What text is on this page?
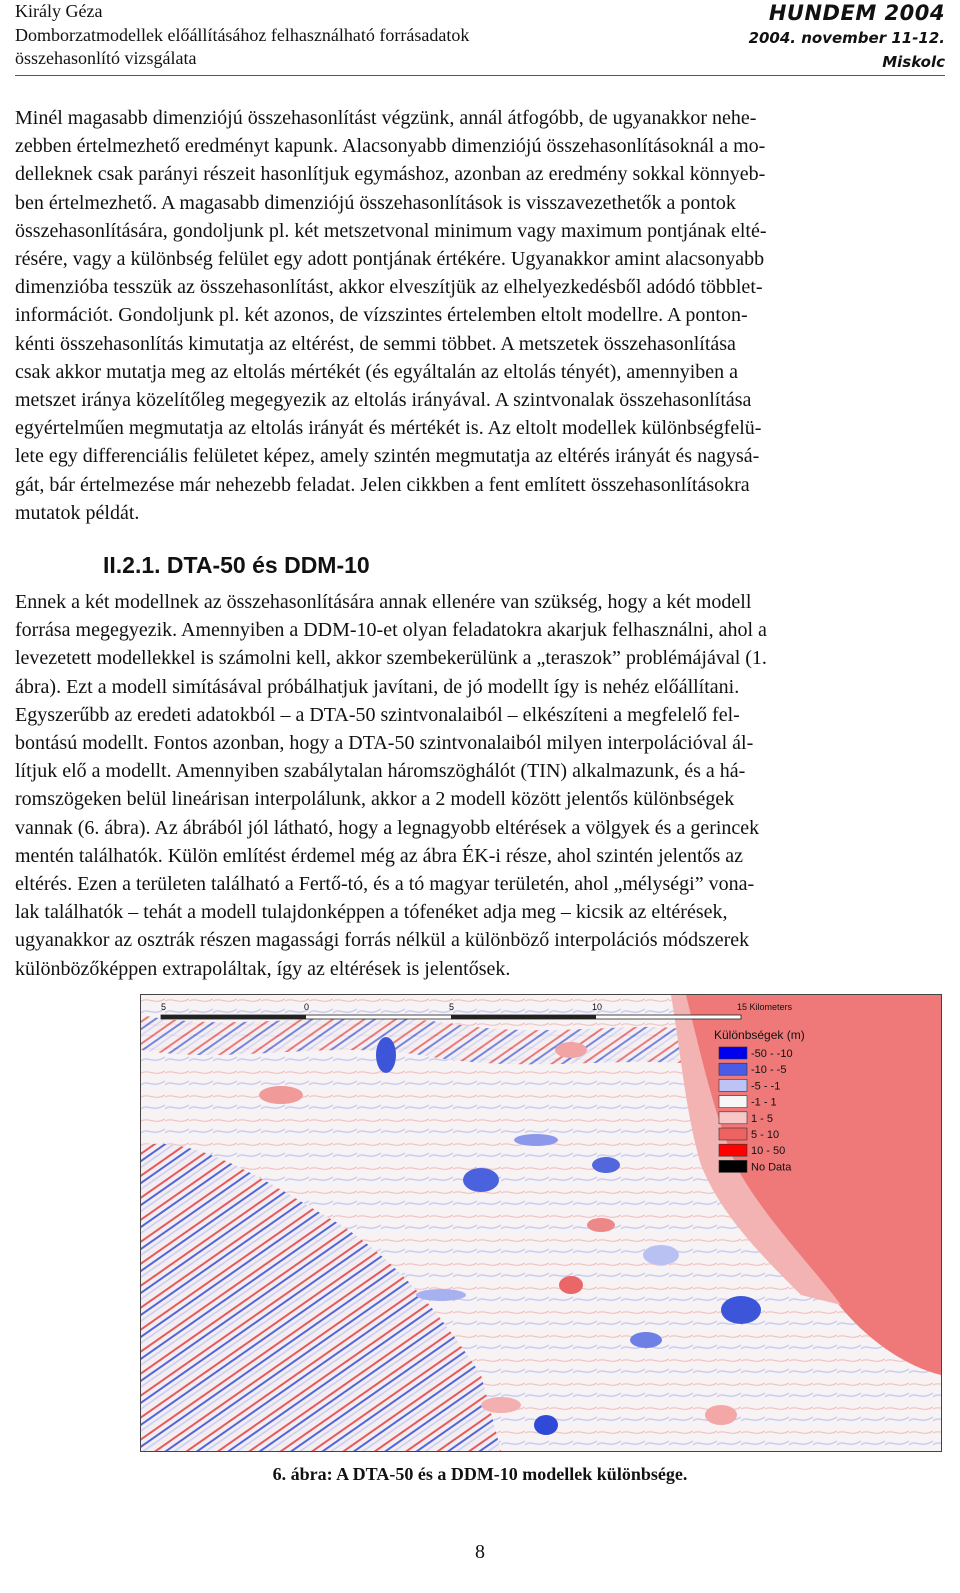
Király Géza
Domborzatmodellek előállításához felhasználható forrásadatok
összehasonlító vizsgálata
HUNDEM 2004
2004. november 11-12.
Miskolc
Minél magasabb dimenziójú összehasonlítást végzünk, annál átfogóbb, de ugyanakkor nehe-
zebben értelmezhető eredményt kapunk. Alacsonyabb dimenziójú összehasonlításoknál a mo-
delleknek csak parányi részeit hasonlítjuk egymáshoz, azonban az eredmény sokkal könnyeb-
ben értelmezhető. A magasabb dimenziójú összehasonlítások is visszavezethetők a pontok
összehasonlítására, gondoljunk pl. két metszetvonal minimum vagy maximum pontjának elté-
résére, vagy a különbség felület egy adott pontjának értékére. Ugyanakkor amint alacsonyabb
dimenzióba tesszük az összehasonlítást, akkor elveszítjük az elhelyezkedésből adódó többlet-
információt. Gondoljunk pl. két azonos, de vízszintes értelemben eltolt modellre. A ponton-
kénti összehasonlítás kimutatja az eltérést, de semmi többet. A metszetek összehasonlítása
csak akkor mutatja meg az eltolás mértékét (és egyáltalán az eltolás tényét), amennyiben a
metszet iránya közelítőleg megegyezik az eltolás irányával. A szintvonalak összehasonlítása
egyértelműen megmutatja az eltolás irányát és mértékét is. Az eltolt modellek különbségfelü-
lete egy differenciális felületet képez, amely szintén megmutatja az eltérés irányát és nagysá-
gát, bár értelmezése már nehezebb feladat. Jelen cikkben a fent említett összehasonlításokra
mutatok példát.
II.2.1. DTA-50 és DDM-10
Ennek a két modellnek az összehasonlítására annak ellenére van szükség, hogy a két modell
forrása megegyezik. Amennyiben a DDM-10-et olyan feladatokra akarjuk felhasználni, ahol a
levezetett modellekkel is számolni kell, akkor szembekerülünk a „teraszok” problémájával (1.
ábra). Ezt a modell simításával próbálhatjuk javítani, de jó modellt így is nehéz előállítani.
Egyszerűbb az eredeti adatokból – a DTA-50 szintvonalaiból – elkészíteni a megfelelő fel-
bontású modellt. Fontos azonban, hogy a DTA-50 szintvonalaiból milyen interpolációval ál-
lítjuk elő a modellt. Amennyiben szabálytalan háromszöghálót (TIN) alkalmazunk, és a há-
romszögeken belül lineárisan interpolálunk, akkor a 2 modell között jelentős különbségek
vannak (6. ábra). Az ábrából jól látható, hogy a legnagyobb eltérések a völgyek és a gerincek
mentén találhatók. Külön említést érdemel még az ábra ÉK-i része, ahol szintén jelentős az
eltérés. Ezen a területen található a Fertő-tó, és a tó magyar területén, ahol „mélységi” vona-
lak találhatók – tehát a modell tulajdonképpen a tófenéket adja meg – kicsik az eltérések,
ugyanakkor az osztrák részen magassági forrás nélkül a különböző interpolációs módszerek
különbözőképpen extrapoláltak, így az eltérések is jelentősek.
5	0	5	10	15 Kilometers
Különbségek (m)
-50 - -10
-10 - -5
-5 - -1
-1 - 1
1 - 5
5 - 10
10 - 50
No Data
6. ábra: A DTA-50 és a DDM-10 modellek különbsége.
8
